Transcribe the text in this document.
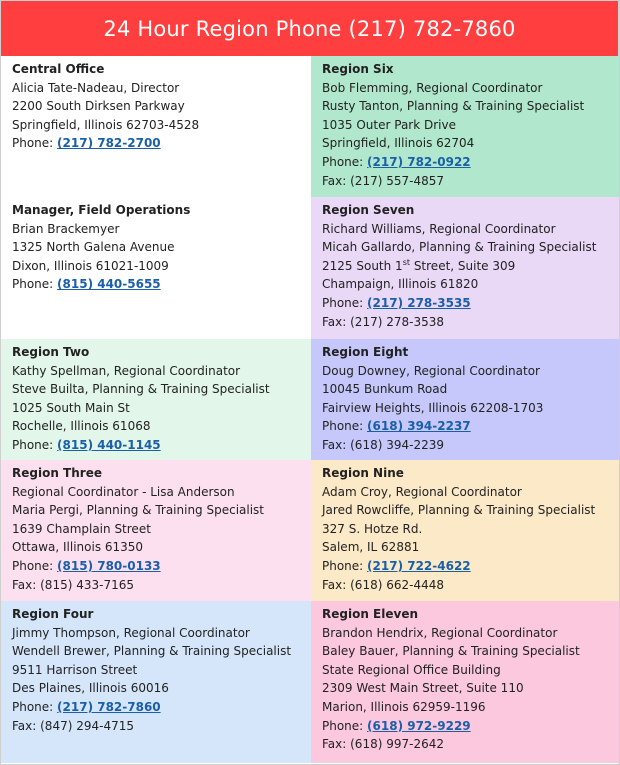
24 Hour Region Phone (217) 782-7860
Central Office
Alicia Tate-Nadeau, Director
2200 South Dirksen Parkway
Springfield, Illinois 62703-4528
Phone: (217) 782-2700
Region Six
Bob Flemming, Regional Coordinator
Rusty Tanton, Planning & Training Specialist
1035 Outer Park Drive
Springfield, Illinois 62704
Phone: (217) 782-0922
Fax: (217) 557-4857
Manager, Field Operations
Brian Brackemyer
1325 North Galena Avenue
Dixon, Illinois 61021-1009
Phone: (815) 440-5655
Region Seven
Richard Williams, Regional Coordinator
Micah Gallardo, Planning & Training Specialist
2125 South 1st Street, Suite 309
Champaign, Illinois 61820
Phone: (217) 278-3535
Fax: (217) 278-3538
Region Two
Kathy Spellman, Regional Coordinator
Steve Builta, Planning & Training Specialist
1025 South Main St
Rochelle, Illinois 61068
Phone: (815) 440-1145
Region Eight
Doug Downey, Regional Coordinator
10045 Bunkum Road
Fairview Heights, Illinois 62208-1703
Phone: (618) 394-2237
Fax: (618) 394-2239
Region Three
Regional Coordinator - Lisa Anderson
Maria Pergi, Planning & Training Specialist
1639 Champlain Street
Ottawa, Illinois 61350
Phone: (815) 780-0133
Fax: (815) 433-7165
Region Nine
Adam Croy, Regional Coordinator
Jared Rowcliffe, Planning & Training Specialist
327 S. Hotze Rd.
Salem, IL 62881
Phone: (217) 722-4622
Fax: (618) 662-4448
Region Four
Jimmy Thompson, Regional Coordinator
Wendell Brewer, Planning & Training Specialist
9511 Harrison Street
Des Plaines, Illinois 60016
Phone: (217) 782-7860
Fax: (847) 294-4715
Region Eleven
Brandon Hendrix, Regional Coordinator
Baley Bauer, Planning & Training Specialist
State Regional Office Building
2309 West Main Street, Suite 110
Marion, Illinois 62959-1196
Phone: (618) 972-9229
Fax: (618) 997-2642
